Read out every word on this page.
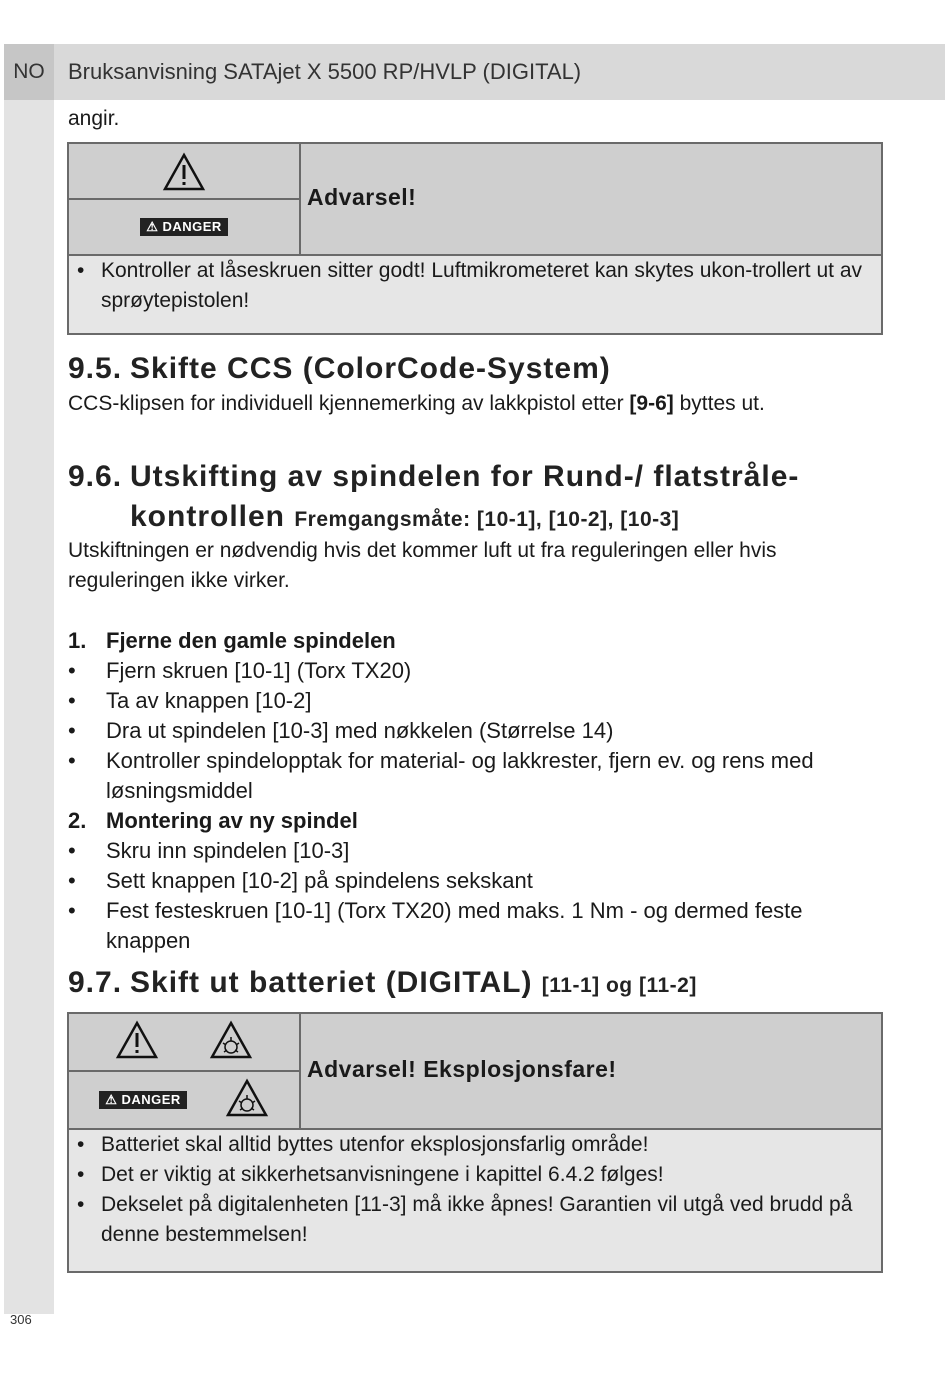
NO	Bruksanvisning SATAjet X 5500 RP/HVLP (DIGITAL)
angir.
⚠ DANGER
Advarsel!
• Kontroller at låseskruen sitter godt! Luftmikrometeret kan skytes ukon-trollert ut av sprøytepistolen!
9.5. Skifte CCS (ColorCode-System)
CCS-klipsen for individuell kjennemerking av lakkpistol etter [9-6] byttes ut.
9.6. Utskifting av spindelen for Rund-/ flatstråle-
kontrollen Fremgangsmåte: [10-1], [10-2], [10-3]
Utskiftningen er nødvendig hvis det kommer luft ut fra reguleringen eller hvis reguleringen ikke virker.
1. Fjerne den gamle spindelen
• Fjern skruen [10-1] (Torx TX20)
• Ta av knappen [10-2]
• Dra ut spindelen [10-3] med nøkkelen (Størrelse 14)
• Kontroller spindelopptak for material- og lakkrester, fjern ev. og rens med løsningsmiddel
2. Montering av ny spindel
• Skru inn spindelen [10-3]
• Sett knappen [10-2] på spindelens sekskant
• Fest festeskruen [10-1] (Torx TX20) med maks. 1 Nm - og dermed feste knappen
9.7. Skift ut batteriet (DIGITAL) [11-1] og [11-2]
⚠ DANGER
Advarsel! Eksplosjonsfare!
• Batteriet skal alltid byttes utenfor eksplosjonsfarlig område!
• Det er viktig at sikkerhetsanvisningene i kapittel 6.4.2 følges!
• Dekselet på digitalenheten [11-3] må ikke åpnes! Garantien vil utgå ved brudd på denne bestemmelsen!
306
